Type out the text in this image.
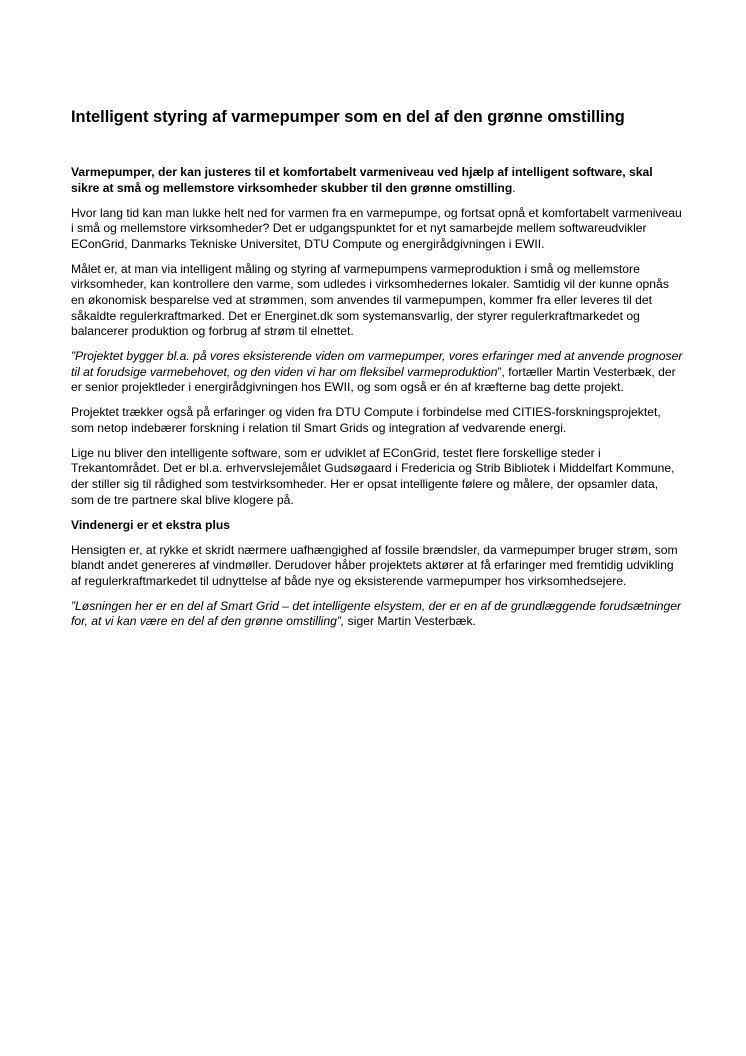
Intelligent styring af varmepumper som en del af den grønne omstilling

Varmepumper, der kan justeres til et komfortabelt varmeniveau ved hjælp af intelligent software, skal sikre at små og mellemstore virksomheder skubber til den grønne omstilling.

Hvor lang tid kan man lukke helt ned for varmen fra en varmepumpe, og fortsat opnå et komfortabelt varmeniveau i små og mellemstore virksomheder? Det er udgangspunktet for et nyt samarbejde mellem softwareudvikler EConGrid, Danmarks Tekniske Universitet, DTU Compute og energirådgivningen i EWII.

Målet er, at man via intelligent måling og styring af varmepumpens varmeproduktion i små og mellemstore virksomheder, kan kontrollere den varme, som udledes i virksomhedernes lokaler. Samtidig vil der kunne opnås en økonomisk besparelse ved at strømmen, som anvendes til varmepumpen, kommer fra eller leveres til det såkaldte regulerkraftmarked. Det er Energinet.dk som systemansvarlig, der styrer regulerkraftmarkedet og balancerer produktion og forbrug af strøm til elnettet.

”Projektet bygger bl.a. på vores eksisterende viden om varmepumper, vores erfaringer med at anvende prognoser til at forudsige varmebehovet, og den viden vi har om fleksibel varmeproduktion”, fortæller Martin Vesterbæk, der er senior projektleder i energirådgivningen hos EWII, og som også er én af kræfterne bag dette projekt.

Projektet trækker også på erfaringer og viden fra DTU Compute i forbindelse med CITIES-forskningsprojektet, som netop indebærer forskning i relation til Smart Grids og integration af vedvarende energi.

Lige nu bliver den intelligente software, som er udviklet af EConGrid, testet flere forskellige steder i Trekantområdet. Det er bl.a. erhvervslejemålet Gudsøgaard i Fredericia og Strib Bibliotek i Middelfart Kommune, der stiller sig til rådighed som testvirksomheder. Her er opsat intelligente følere og målere, der opsamler data, som de tre partnere skal blive klogere på.

Vindenergi er et ekstra plus

Hensigten er, at rykke et skridt nærmere uafhængighed af fossile brændsler, da varmepumper bruger strøm, som blandt andet genereres af vindmøller. Derudover håber projektets aktører at få erfaringer med fremtidig udvikling af regulerkraftmarkedet til udnyttelse af både nye og eksisterende varmepumper hos virksomhedsejere.

”Løsningen her er en del af Smart Grid – det intelligente elsystem, der er en af de grundlæggende forudsætninger for, at vi kan være en del af den grønne omstilling”, siger Martin Vesterbæk.
